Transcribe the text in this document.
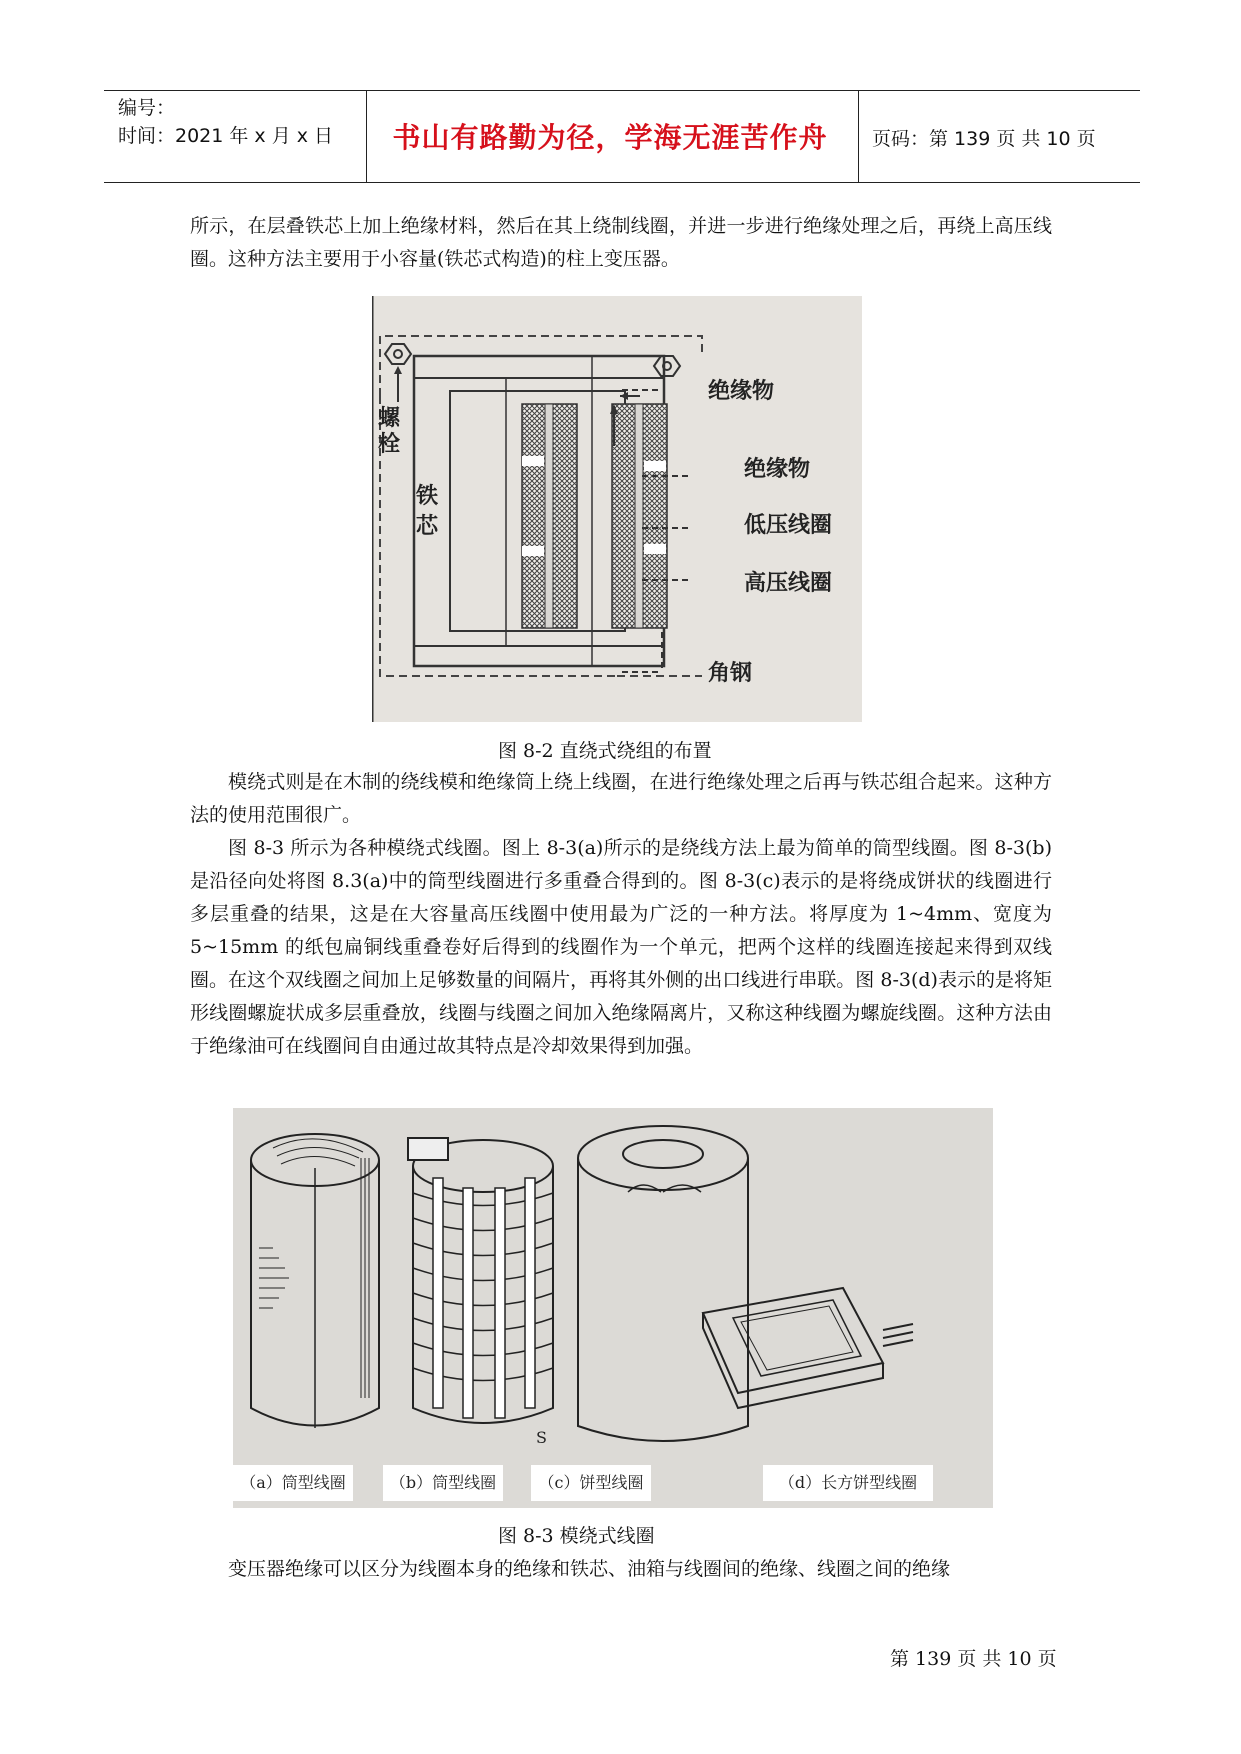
编号：
时间：2021 年 x 月 x 日	书山有路勤为径，学海无涯苦作舟	页码：第 139 页 共 10 页
所示，在层叠铁芯上加上绝缘材料，然后在其上绕制线圈，并进一步进行绝缘处理之后，再绕上高压线圈。这种方法主要用于小容量(铁芯式构造)的柱上变压器。
螺栓
铁芯
绝缘物
绝缘物
低压线圈
高压线圈
角钢
图 8-2 直绕式绕组的布置
模绕式则是在木制的绕线模和绝缘筒上绕上线圈，在进行绝缘处理之后再与铁芯组合起来。这种方法的使用范围很广。
图 8-3 所示为各种模绕式线圈。图上 8-3(a)所示的是绕线方法上最为简单的筒型线圈。图 8-3(b)是沿径向处将图 8.3(a)中的筒型线圈进行多重叠合得到的。图 8-3(c)表示的是将绕成饼状的线圈进行多层重叠的结果，这是在大容量高压线圈中使用最为广泛的一种方法。将厚度为 1~4mm、宽度为 5~15mm 的纸包扁铜线重叠卷好后得到的线圈作为一个单元，把两个这样的线圈连接起来得到双线圈。在这个双线圈之间加上足够数量的间隔片，再将其外侧的出口线进行串联。图 8-3(d)表示的是将矩形线圈螺旋状成多层重叠放，线圈与线圈之间加入绝缘隔离片，又称这种线圈为螺旋线圈。这种方法由于绝缘油可在线圈间自由通过故其特点是冷却效果得到加强。
S
（a）筒型线圈	（b）筒型线圈	（c）饼型线圈	（d）长方饼型线圈
图 8-3 模绕式线圈
变压器绝缘可以区分为线圈本身的绝缘和铁芯、油箱与线圈间的绝缘、线圈之间的绝缘
第 139 页 共 10 页
